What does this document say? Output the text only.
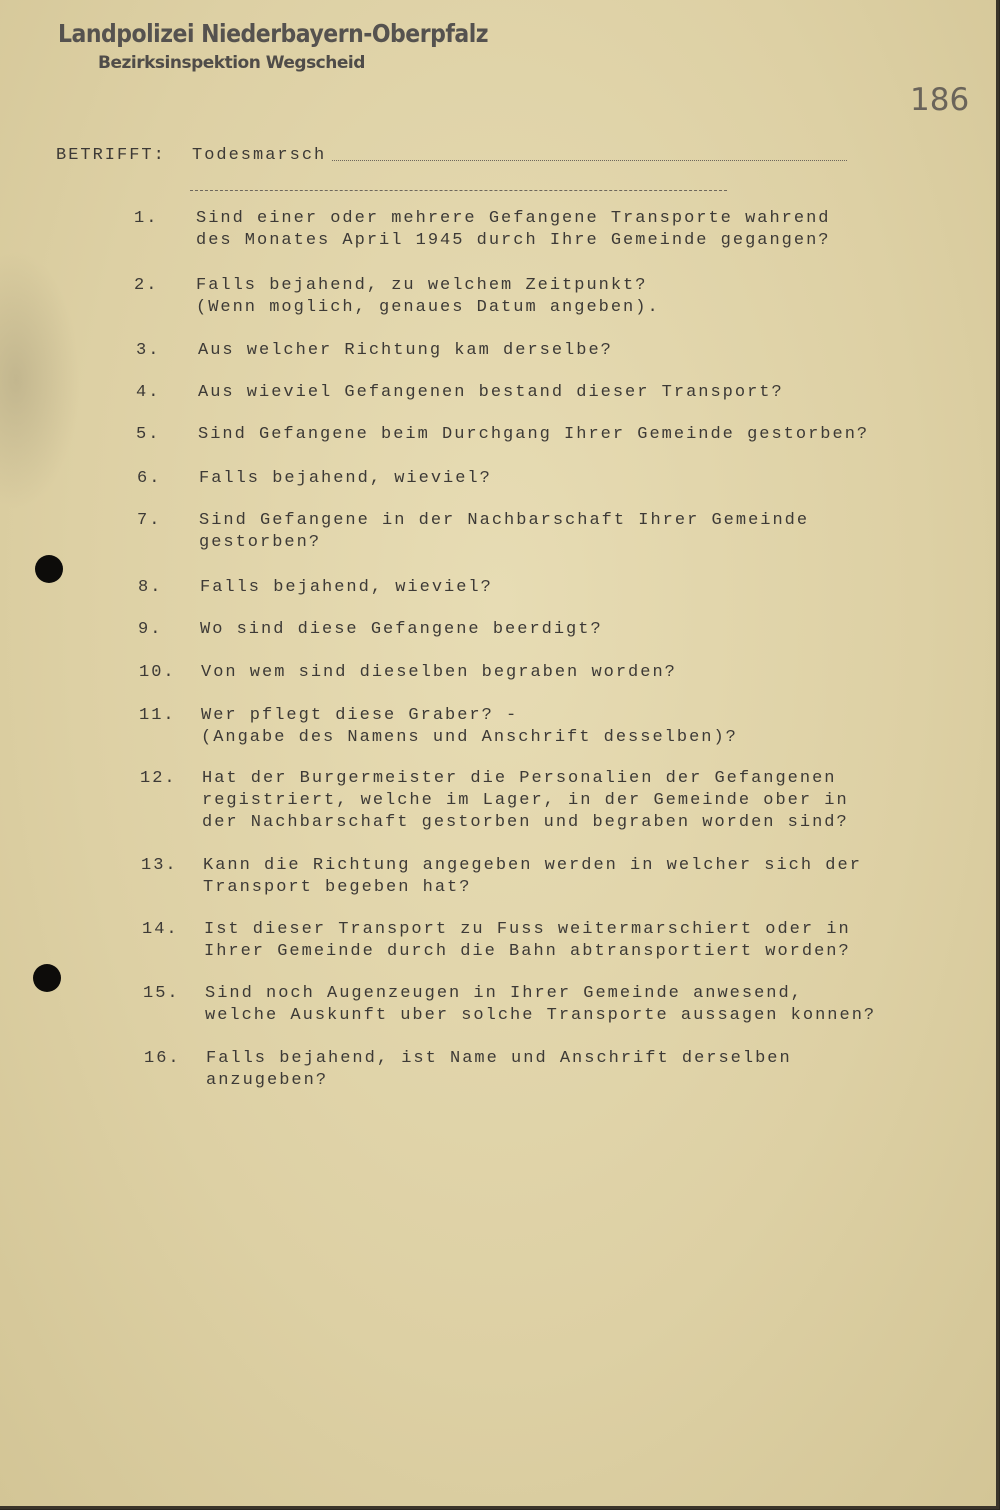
Landpolizei Niederbayern-Oberpfalz
Bezirksinspektion Wegscheid
186
BETRIFFT: Todesmarsch
1.	Sind einer oder mehrere Gefangene Transporte wahrend
des Monates April 1945 durch Ihre Gemeinde gegangen?
2.	Falls bejahend, zu welchem Zeitpunkt?
(Wenn moglich, genaues Datum angeben).
3.	Aus welcher Richtung kam derselbe?
4.	Aus wieviel Gefangenen bestand dieser Transport?
5.	Sind Gefangene beim Durchgang Ihrer Gemeinde gestorben?
6.	Falls bejahend, wieviel?
7.	Sind Gefangene in der Nachbarschaft Ihrer Gemeinde
gestorben?
8.	Falls bejahend, wieviel?
9.	Wo sind diese Gefangene beerdigt?
10.	Von wem sind dieselben begraben worden?
11.	Wer pflegt diese Graber? -
(Angabe des Namens und Anschrift desselben)?
12.	Hat der Burgermeister die Personalien der Gefangenen
registriert, welche im Lager, in der Gemeinde ober in
der Nachbarschaft gestorben und begraben worden sind?
13.	Kann die Richtung angegeben werden in welcher sich der
Transport begeben hat?
14.	Ist dieser Transport zu Fuss weitermarschiert oder in
Ihrer Gemeinde durch die Bahn abtransportiert worden?
15.	Sind noch Augenzeugen in Ihrer Gemeinde anwesend,
welche Auskunft uber solche Transporte aussagen konnen?
16.	Falls bejahend, ist Name und Anschrift derselben
anzugeben?
